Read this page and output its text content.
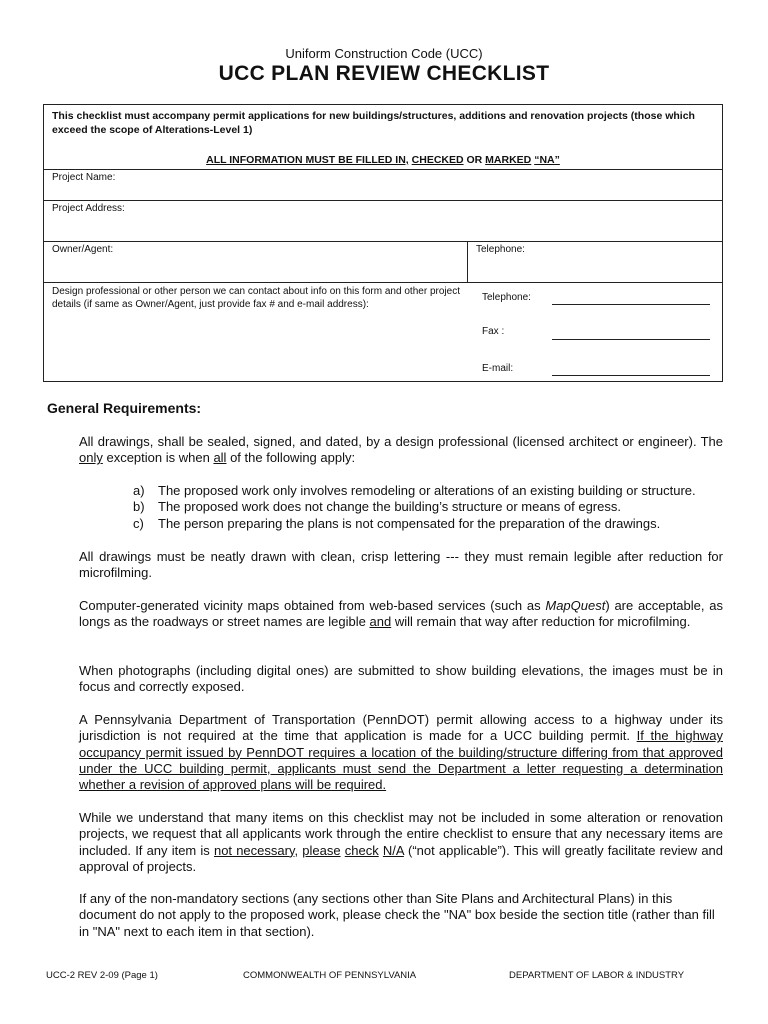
Uniform Construction Code (UCC)
UCC PLAN REVIEW CHECKLIST
This checklist must accompany permit applications for new buildings/structures, additions and renovation projects (those which exceed the scope of Alterations-Level 1)
ALL INFORMATION MUST BE FILLED IN, CHECKED OR MARKED “NA”
Project Name:
Project Address:
Owner/Agent:	Telephone:
Design professional or other person we can contact about info on this form and other project details (if same as Owner/Agent, just provide fax # and e-mail address):
Telephone:
Fax :
E-mail:
General Requirements:
All drawings, shall be sealed, signed, and dated, by a design professional (licensed architect or engineer). The only exception is when all of the following apply:
a)	The proposed work only involves remodeling or alterations of an existing building or structure.
b)	The proposed work does not change the building’s structure or means of egress.
c)	The person preparing the plans is not compensated for the preparation of the drawings.
All drawings must be neatly drawn with clean, crisp lettering --- they must remain legible after reduction for microfilming.
Computer-generated vicinity maps obtained from web-based services (such as MapQuest) are acceptable, as longs as the roadways or street names are legible and will remain that way after reduction for microfilming.
When photographs (including digital ones) are submitted to show building elevations, the images must be in focus and correctly exposed.
A Pennsylvania Department of Transportation (PennDOT) permit allowing access to a highway under its jurisdiction is not required at the time that application is made for a UCC building permit. If the highway occupancy permit issued by PennDOT requires a location of the building/structure differing from that approved under the UCC building permit, applicants must send the Department a letter requesting a determination whether a revision of approved plans will be required.
While we understand that many items on this checklist may not be included in some alteration or renovation projects, we request that all applicants work through the entire checklist to ensure that any necessary items are included. If any item is not necessary, please check N/A (“not applicable”). This will greatly facilitate review and approval of projects.
If any of the non-mandatory sections (any sections other than Site Plans and Architectural Plans) in this document do not apply to the proposed work, please check the "NA" box beside the section title (rather than fill in "NA" next to each item in that section).
UCC-2 REV 2-09 (Page 1)	COMMONWEALTH OF PENNSYLVANIA	DEPARTMENT OF LABOR & INDUSTRY
